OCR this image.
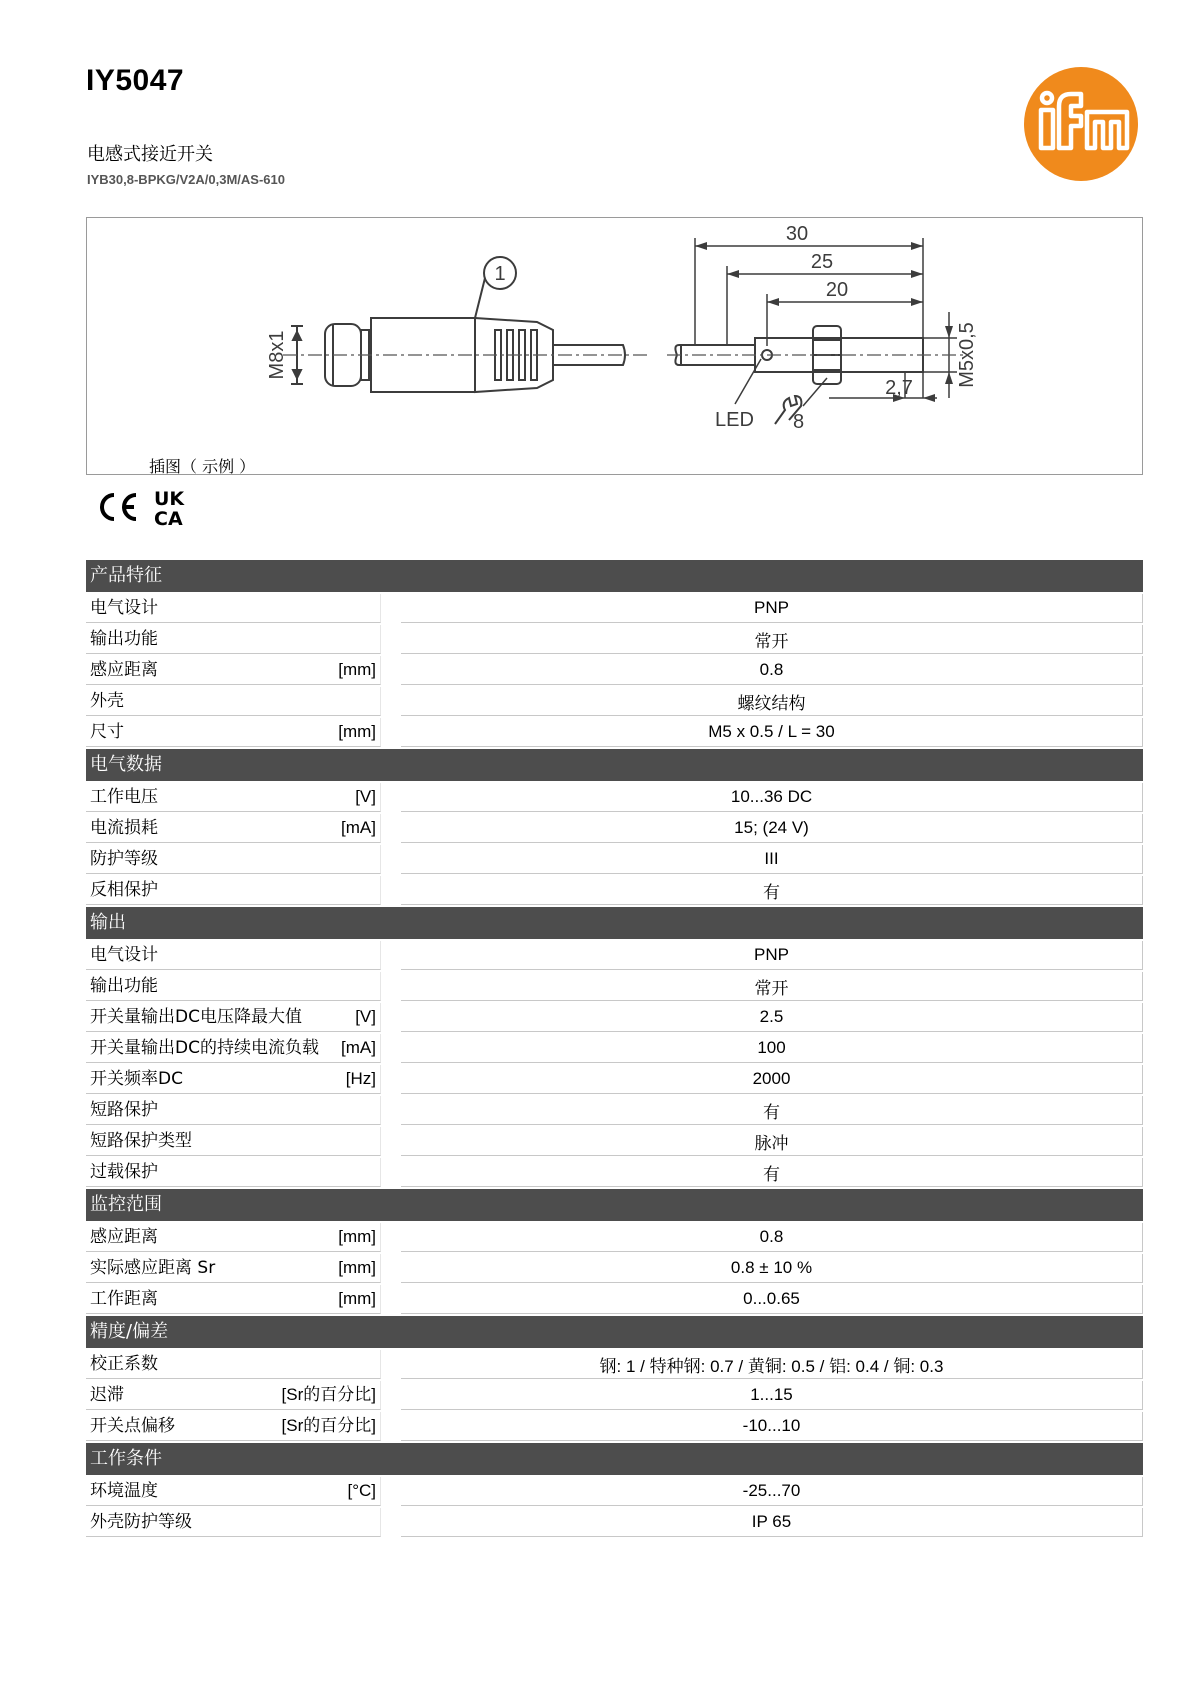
IY5047
电感式接近开关
IYB30,8-BPKG/V2A/0,3M/AS-610
30
25
20
1
LED 8
2,7
M8x1	M5x0,5
插图（ 示例 ）
UK
CA
产品特征
电气设计	PNP
输出功能	常开
感应距离	[mm]	0.8
外壳	螺纹结构
尺寸	[mm]	M5 x 0.5 / L = 30
电气数据
工作电压	[V]	10...36 DC
电流损耗	[mA]	15; (24 V)
防护等级	III
反相保护	有
输出
电气设计	PNP
输出功能	常开
开关量输出DC电压降最大值	[V]	2.5
开关量输出DC的持续电流负载 [mA]	100
开关频率DC	[Hz]	2000
短路保护	有
短路保护类型	脉冲
过载保护	有
监控范围
感应距离	[mm]	0.8
实际感应距离 Sr	[mm]	0.8 ± 10 %
工作距离	[mm]	0...0.65
精度/偏差
校正系数	钢: 1 / 特种钢: 0.7 / 黄铜: 0.5 / 铝: 0.4 / 铜: 0.3
迟滞	[Sr的百分比]	1...15
开关点偏移	[Sr的百分比]	-10...10
工作条件
环境温度	[°C]	-25...70
外壳防护等级	IP 65
